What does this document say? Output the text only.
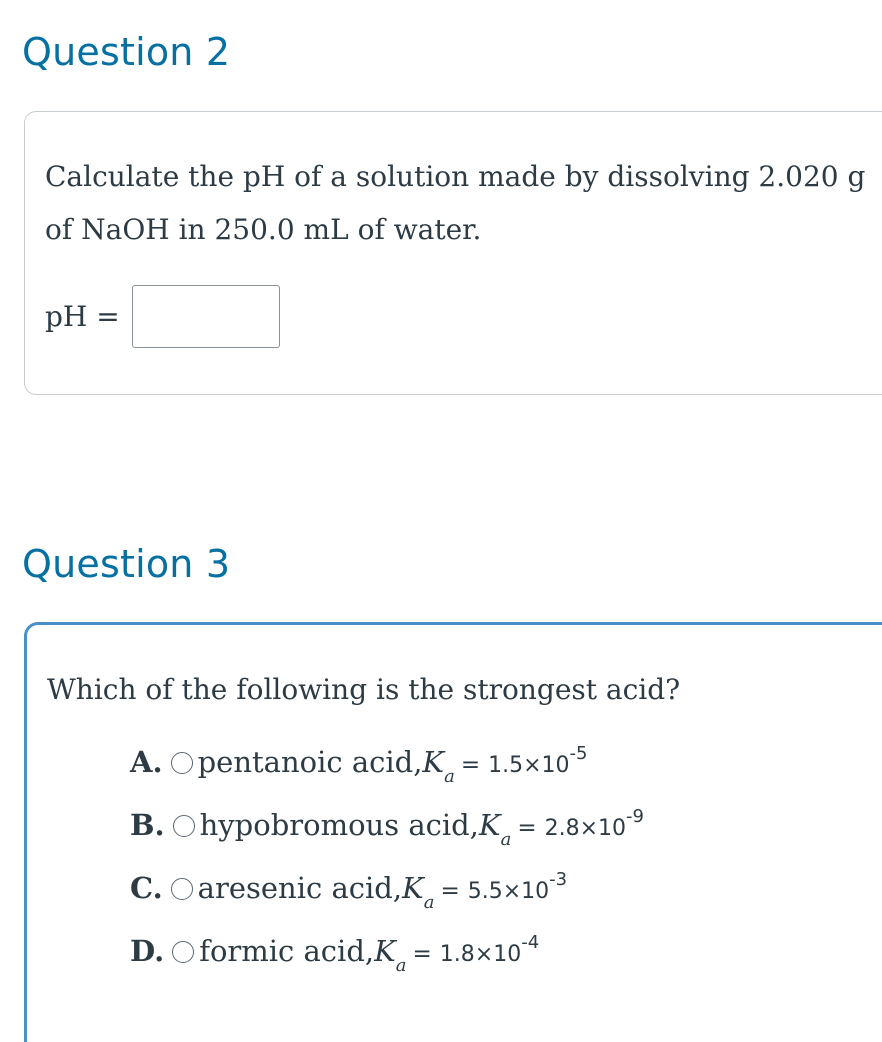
Question 2

Calculate the pH of a solution made by dissolving 2.020 g of NaOH in 250.0 mL of water.

pH =
Question 3

Which of the following is the strongest acid?

A. pentanoic acid, K a = 1.5×10 -5
B. hypobromous acid, K a = 2.8×10 -9
C. aresenic acid, K a = 5.5×10 -3
D. formic acid, K a = 1.8×10 -4
